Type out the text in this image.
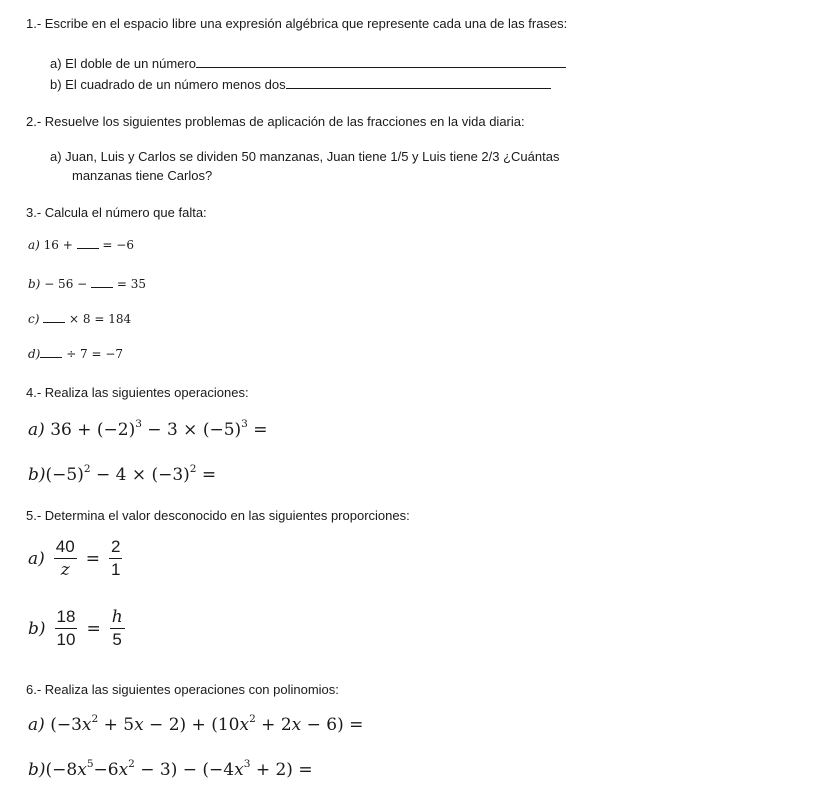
1.- Escribe en el espacio libre una expresión algébrica que represente cada una de las frases:
a) El doble de un número
b) El cuadrado de un número menos dos
2.- Resuelve los siguientes problemas de aplicación de las fracciones en la vida diaria:
a) Juan, Luis y Carlos se dividen 50 manzanas, Juan tiene 1/5 y Luis tiene 2/3 ¿Cuántas
manzanas tiene Carlos?
3.- Calcula el número que falta:
a) 16 +  = −6
b) − 56 −  = 35
c)  × 8 = 184
d) ÷ 7 = −7
4.- Realiza las siguientes operaciones:
a) $36 + (-2)^3 - 3 \times (-5)^3$ =
$b)(-5)^2 - 4 \times (-3)^2$ =
5.- Determina el valor desconocido en las siguientes proporciones:
$a) \frac{40}{z} = \frac{2}{1}$
$b) \frac{18}{10} = \frac{h}{5}$
6.- Realiza las siguientes operaciones con polinomios:
a) $(-3x^2 + 5x - 2) + (10x^2 + 2x - 6)$ =
$b)(-8x^5-6x^2 - 3) - (-4x^3 + 2)$ =
